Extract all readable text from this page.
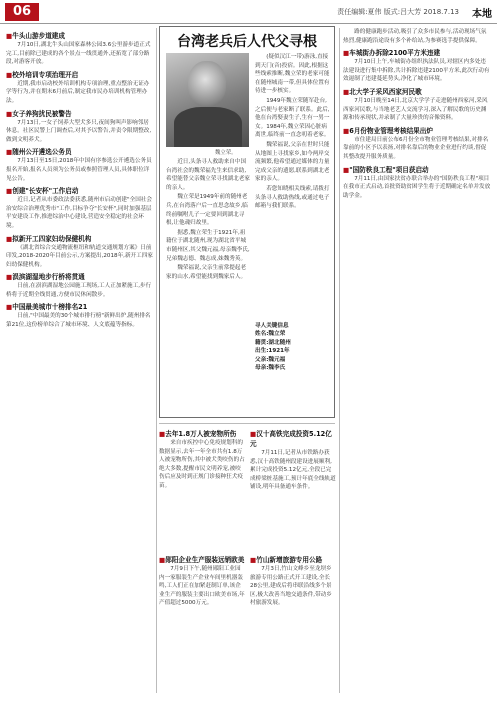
06	责任编辑:夏伟 版式:吕大芳 2018.7.13 本地
■牛头山游步道建成

7月10日,湖北牛头山国家森林公园3.6公里游步道正式完工,目前除已建成的各个景点一线贯通外,还拓宽了部分路段,对游客开放。

■校外培训专项治理开启

近期,我市启动校外培训机构专项治理,重点整治无证办学等行为,并在期末6月前后,制定我市民办培训机构管理办法。

■女子养狗扰民被警告

7月13日,一女子饲养大型犬多只,夜间狗叫声影响邻居休息。社区民警上门调查后,对其予以警告,并责令限期整改,做到文明养犬。

■随州公开遴选公务员

7月13日至15日,2018年中国有序参选公开遴选公务员报名开始,报名人员须为公务员或参照管理人员,具体职位详见公告。

■创建"长安杯"工作启动

近日,记者从市委政法委获悉,随州市启动创建"全国社会治安综合治理优秀市"工作,目标争夺"长安杯",同时加强基层平安建设工作,推进综治中心建设,营造安全稳定的社会环境。

■拟新开工四家妇幼保健机构

《湖北省综合交通物流枢纽和轨道交通规划方案》日前印发,2018-2020年目前公示,方案提出,2018年,新开工四家妇幼保健机构。

■涢滨湖湿地步行桥将贯通

日前,在涢滨湖湿地公园施工现场,工人正加紧施工,步行桥将于近期全线贯通,方便市民休闲散步。

■中国最美城市十榜排名21

日前,"中国最美的30个城市排行榜"新鲜出炉,随州排名第21位,这份榜单综合了城市环境、人文底蕴等指标。

台湾老兵后人代父寻根
魏立荣。

近日,头条寻人救助来自中国台湾社会的魏荣福先生来信求助,希望能替父亲魏立荣寻找湖北老家的亲人。

魏立荣是1949年前的随州老兵,在台湾落户后一直思念故乡,临终前嘱咐儿子一定要回到湖北寻根,让他魂归故里。

据悉,魏立荣生于1921年,祖籍位于湖北随州,现为湖北省平城市随州区,其父魏元福,母亲魏李氏,兄弟魏志德、魏志成,妹魏秀英。

魏荣福说,父亲生前常提起老家的山水,希望能找到魏家后人。

(疑似汉江一带)游泳,直接到天门(音)投宿。因此,根据这些线索推断,魏立荣的老家可能在随州城南一带,但具体位置有待进一步核实。

1949年魏立荣随军赴台,之后便与老家断了联系。此后,他在台湾娶妻生子,生有一男一女。1984年,魏立荣因心脏病离世,临终前一直念叨着老家。

魏荣福说,父亲在世时只能从地图上寻找家乡,如今两岸交流频繁,他希望通过媒体的力量完成父亲的遗愿,联系到湖北老家的亲人。

若您知晓相关线索,请拨打头条寻人救助热线,或通过电子邮箱与我们联系。

寻人关键信息
姓名:魏立荣
籍贯:湖北随州
出生:1921年
父亲:魏元福
母亲:魏李氏

路的健康跑步活动,吸引了众多市民参与,活动现场气氛热烈,健康跑沿途设有多个补给站,为参赛选手提供保障。

■车城街办拆除2100平方米违建

7月10日上午,车城街办组织执法队员,对辖区内多处违法建设进行集中拆除,共计拆除违建2100平方米,此次行动有效遏制了违建蔓延势头,净化了城市环境。

■北大学子采风西家河民歌

7月10日晚至14日,北京大学学子走进随州西家河,采风西家河民歌,与当地老艺人交流学习,深入了解民歌的历史渊源和传承现状,并录制了大量珍贵的音像资料。

■6月份物业管理考核结果出炉

市住建局日前公布6月份全市物业管理考核结果,对排名靠前的小区予以表扬,对排名靠后的物业企业进行约谈,督促其整改提升服务质量。

■"国防秩良工程"项目获启动

7月11日,由国家扶贫办联合举办的"国防秩良工程"项目在我市正式启动,首批资助贫困学生将于近期确定名单并发放助学金。

■去年1.8万人被宠物所伤

来自市疾控中心免疫规划科的数据显示,去年一年全市共有1.8万人被宠物所伤,其中被犬类咬伤的占绝大多数,提醒市民文明养宠,被咬伤后应及时到正规门诊接种狂犬疫苗。

■汉十高铁完成投资5.12亿元

7月11日,记者从市铁路办获悉,汉十高铁随州段建设进展顺利,累计完成投资5.12亿元,全段已完成桥梁桩基施工,预计年底全线轨道铺设,明年具备通车条件。

■郧阳企业生产服装远销欧美

7月9日下午,随州郧阳工业园内一家服装生产企业车间里机器轰鸣,工人们正在加紧赶制订单,该企业生产的服装主要出口欧美市场,年产值超过5000万元。

■竹山新增旅游专用公路

7月3日,竹山文峰乡至龙坝乡旅游专用公路正式开工建设,全长28公里,建成后将串联沿线多个景区,极大改善当地交通条件,带动乡村旅游发展。
